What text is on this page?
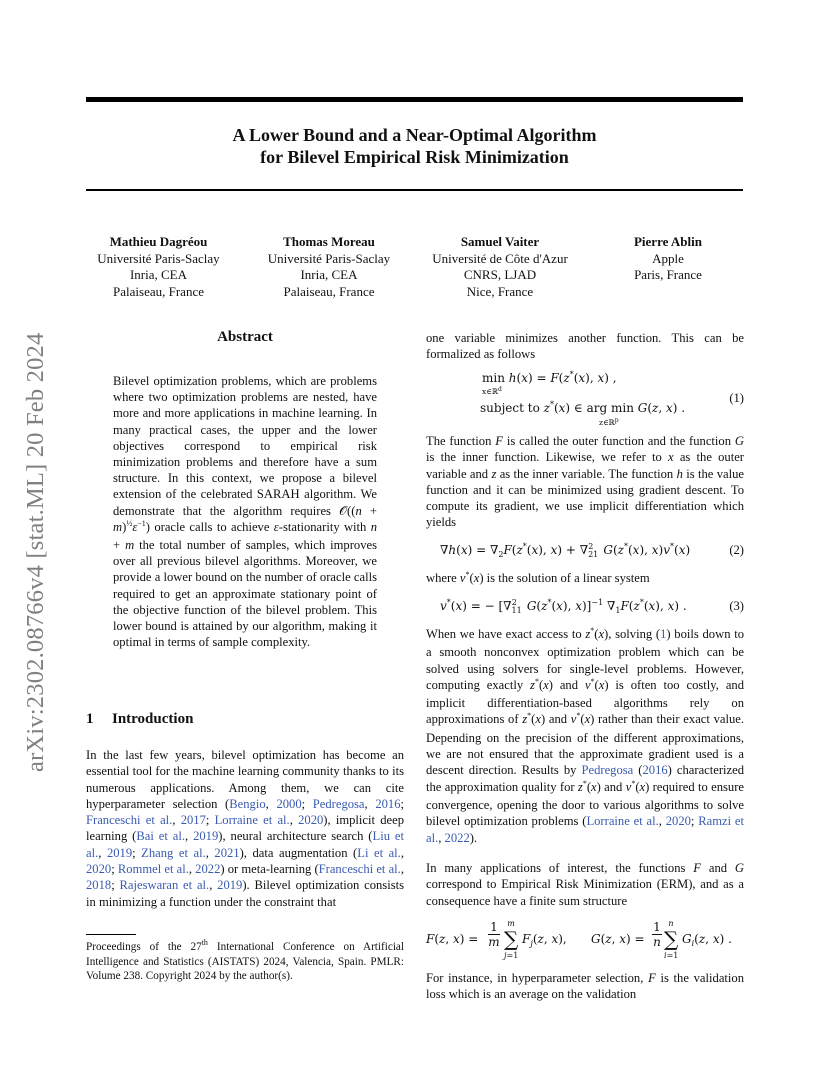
A Lower Bound and a Near-Optimal Algorithm
for Bilevel Empirical Risk Minimization
Mathieu Dagréou
Université Paris-Saclay
Inria, CEA
Palaiseau, France
Thomas Moreau
Université Paris-Saclay
Inria, CEA
Palaiseau, France
Samuel Vaiter
Université de Côte d'Azur
CNRS, LJAD
Nice, France
Pierre Ablin
Apple
Paris, France
arXiv:2302.08766v4 [stat.ML] 20 Feb 2024	Abstract
Bilevel optimization problems, which are problems where two optimization problems are nested, have more and more applications in machine learning. In many practical cases, the upper and the lower objectives correspond to empirical risk minimization problems and therefore have a sum structure. In this context, we propose a bilevel extension of the celebrated SARAH algorithm. We demonstrate that the algorithm requires 𝒪((n + $m)^{\frac{1}{2}}\varepsilon^{-1}$) oracle calls to achieve ε-stationarity with n + m the total number of samples, which improves over all previous bilevel algorithms. Moreover, we provide a lower bound on the number of oracle calls required to get an approximate stationary point of the objective function of the bilevel problem. This lower bound is attained by our algorithm, making it optimal in terms of sample complexity.
1 Introduction
In the last few years, bilevel optimization has become an essential tool for the machine learning community thanks to its numerous applications. Among them, we can cite hyperparameter selection (Bengio, 2000; Pedregosa, 2016; Franceschi et al., 2017; Lorraine et al., 2020), implicit deep learning (Bai et al., 2019), neural architecture search (Liu et al., 2019; Zhang et al., 2021), data augmentation (Li et al., 2020; Rommel et al., 2022) or meta-learning (Franceschi et al., 2018; Rajeswaran et al., 2019). Bilevel optimization consists in minimizing a function under the constraint that
Proceedings of the 27th International Conference on Artificial Intelligence and Statistics (AISTATS) 2024, Valencia, Spain. PMLR: Volume 238. Copyright 2024 by the author(s).
one variable minimizes another function. This can be formalized as follows
min h(x) = F(z*(x), x) ,
x∈ℝ$^d$
subject to z*(x) ∈ arg min G(z, x) .
z∈ℝ$^p$
(1)
The function F is called the outer function and the function G is the inner function. Likewise, we refer to x as the outer variable and z as the inner variable. The function h is the value function and it can be minimized using gradient descent. To compute its gradient, we use implicit differentiation which yields
$\nabla h(x) = \nabla_2F(z^*(x)$, $x) + \nabla_{21}^2$ G(z*(x), x)v*(x)	(2)
where v*(x) is the solution of a linear system
v*(x) = − [$\nabla_{11}^2$ G(z*(x), x)]$^{-1}$ $\nabla_1F(z^*(x)$, x) .	(3)
When we have exact access to z*(x), solving (1) boils down to a smooth nonconvex optimization problem which can be solved using solvers for single-level problems. However, computing exactly z*(x) and v*(x) is often too costly, and implicit differentiation-based algorithms rely on approximations of z*(x) and v*(x) rather than their exact value. Depending on the precision of the different approximations, we are not ensured that the approximate gradient used is a descent direction. Results by Pedregosa (2016) characterized the approximation quality for z*(x) and v*(x) required to ensure convergence, opening the door to various algorithms to solve bilevel optimization problems (Lorraine et al., 2020; Ramzi et al., 2022).
In many applications of interest, the functions F and G correspond to Empirical Risk Minimization (ERM), and as a consequence have a finite sum structure
F(z, x) =
1
m
m
∑
j=1
$F_j(z$, x), G(z, x) =
1
n
n
∑
i=1
$G_i(z$, x) .
For instance, in hyperparameter selection, F is the validation loss which is an average on the validation
